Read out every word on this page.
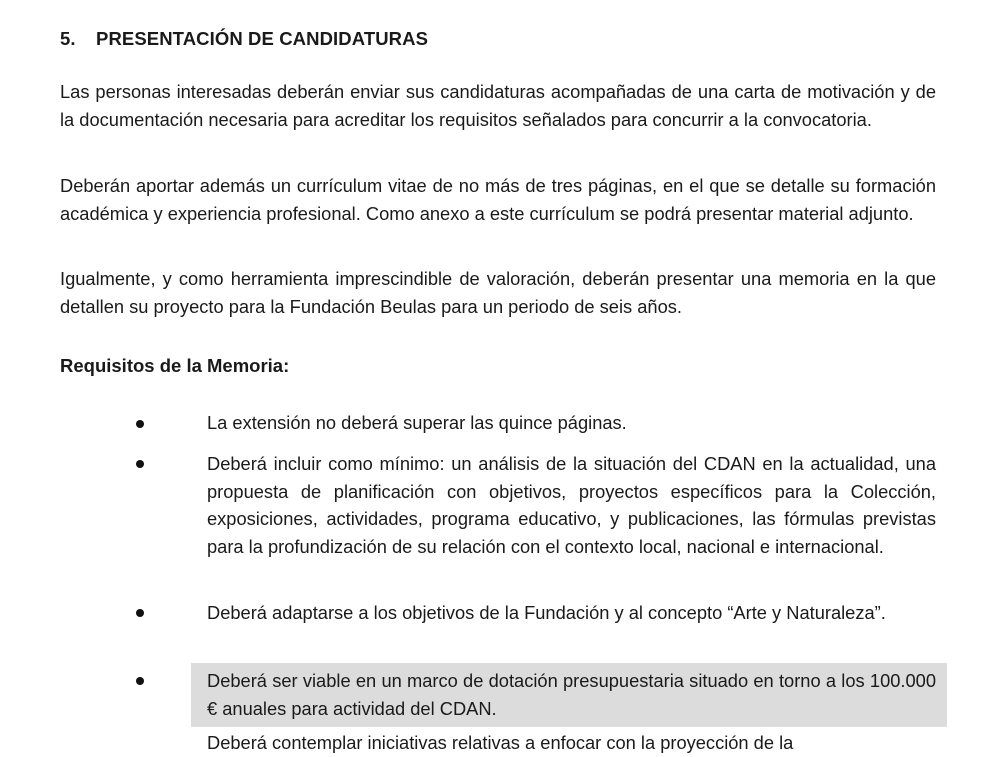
5. PRESENTACIÓN DE CANDIDATURAS
Las personas interesadas deberán enviar sus candidaturas acompañadas de una carta de motivación y de la documentación necesaria para acreditar los requisitos señalados para concurrir a la convocatoria.
Deberán aportar además un currículum vitae de no más de tres páginas, en el que se detalle su formación académica y experiencia profesional. Como anexo a este currículum se podrá presentar material adjunto.
Igualmente, y como herramienta imprescindible de valoración, deberán presentar una memoria en la que detallen su proyecto para la Fundación Beulas para un periodo de seis años.
Requisitos de la Memoria:
La extensión no deberá superar las quince páginas.
Deberá incluir como mínimo: un análisis de la situación del CDAN en la actualidad, una propuesta de planificación con objetivos, proyectos específicos para la Colección, exposiciones, actividades, programa educativo, y publicaciones, las fórmulas previstas para la profundización de su relación con el contexto local, nacional e internacional.
Deberá adaptarse a los objetivos de la Fundación y al concepto “Arte y Naturaleza”.
Deberá ser viable en un marco de dotación presupuestaria situado en torno a los 100.000 € anuales para actividad del CDAN.
Deberá contemplar iniciativas relativas a enfocar con la proyección de la
